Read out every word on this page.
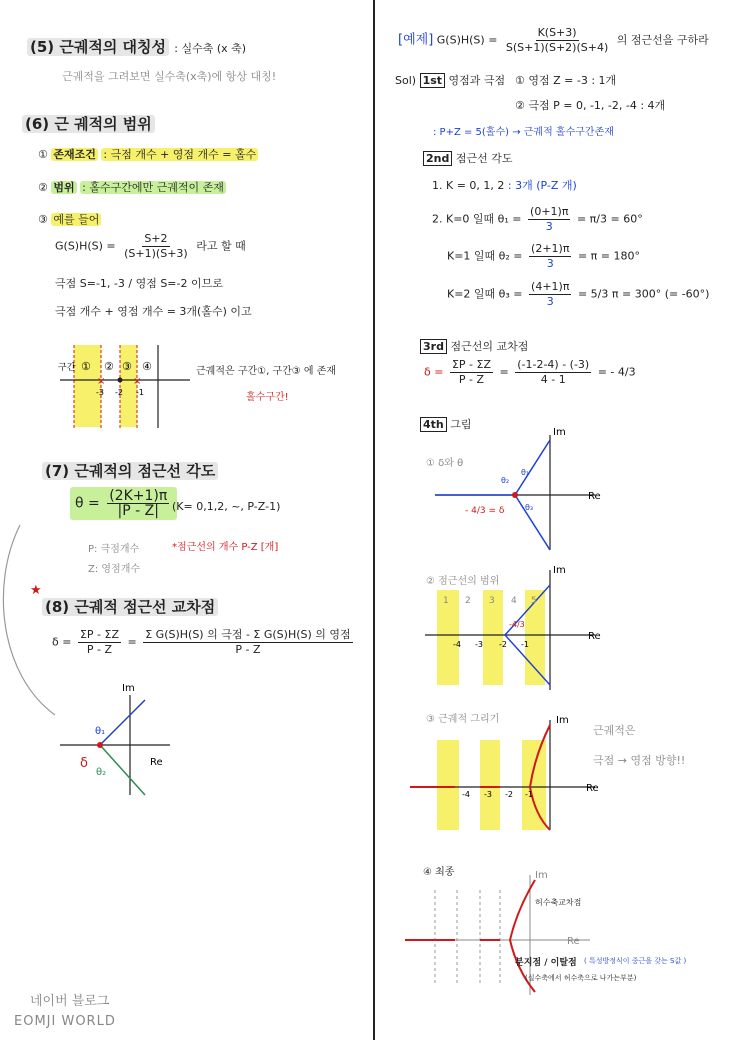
(5) 근궤적의 대칭성 : 실수축 (x 축)
근궤적을 그려보면 실수축(x축)에 항상 대칭!
(6) 근 궤적의 범위
① 존재조건 : 극점 개수 + 영점 개수 = 홀수
② 범위 : 홀수구간에만 근궤적이 존재
③ 예를 들어
$G(S)H(S) = \frac{S+2}{(S+1)(S+3)}$ 라고 할 때
극점 S=-1, -3 / 영점 S=-2 이므로
극점 개수 + 영점 개수 = 3개(홀수) 이고
구간 ① ② ③ ④
-3 -2 -1
×	×
근궤적은 구간①, 구간③ 에 존재
홀수구간!
(7) 근궤적의 점근선 각도
$\theta = \frac{(2K+1)\pi}{|P - Z|} (K= 0,1,2$, ~, P-Z-1)
*점근선의 개수 P-Z [개]
P: 극점개수
Z: 영점개수
★
(8) 근궤적 점근선 교차점
$\delta = \frac{\Sigma P - \Sigma Z}{P - Z} = \frac{\text{Σ G(S)H(S) 의 극점 - Σ G(S)H(S) 의 영점}}{P - Z}$
Im
Re
θ₁
θ₂
δ
네이버 블로그
EOMJI WORLD
[예제] $G(S)H(S) = \frac{K(S+3)}{S(S+1)(S+2)(S+4)}$ 의 점근선을 구하라
Sol) 1st 영점과 극점 ① 영점 Z = -3 : 1개
② 극점 P = 0, -1, -2, -4 : 4개
: P+Z = 5(홀수) → 근궤적 홀수구간존재
2nd 점근선 각도
1. K = 0, 1, 2 : 3개 (P-Z 개)
2. K=0 일때 $\theta_1 = \frac{(0+1)\pi}{3} = \pi/3 = 60^\circ$
K=1 일때 $\theta_2 = \frac{(2+1)\pi}{3} = \pi = 180^\circ$
K=2 일때 $\theta_3 = \frac{(4+1)\pi}{3} = 5/3$ π = 300° (= -60°)
3rd 점근선의 교차점
$\delta = \frac{\Sigma P - \Sigma Z}{P - Z} = \frac{(-1-2-4) - (-3)}{4 - 1}$ = - 4/3
4th 그림
① δ와 θ
Im
Re
θ₁
θ₂
θ₃
- 4/3 = δ
② 점근선의 범위
Im
Re
1 2 3 4 5
-4 -3 -2 -1
-4/3
③ 근궤적 그리기	Im
Re
-4 -3 -2 -1
근궤적은
극점 → 영점 방향!!
④ 최종	Im
Re
허수축교차점
분지점 / 이탈점 ( 특성방정식이 중근을 갖는 S값 )
(실수축에서 허수축으로 나가는부분)
